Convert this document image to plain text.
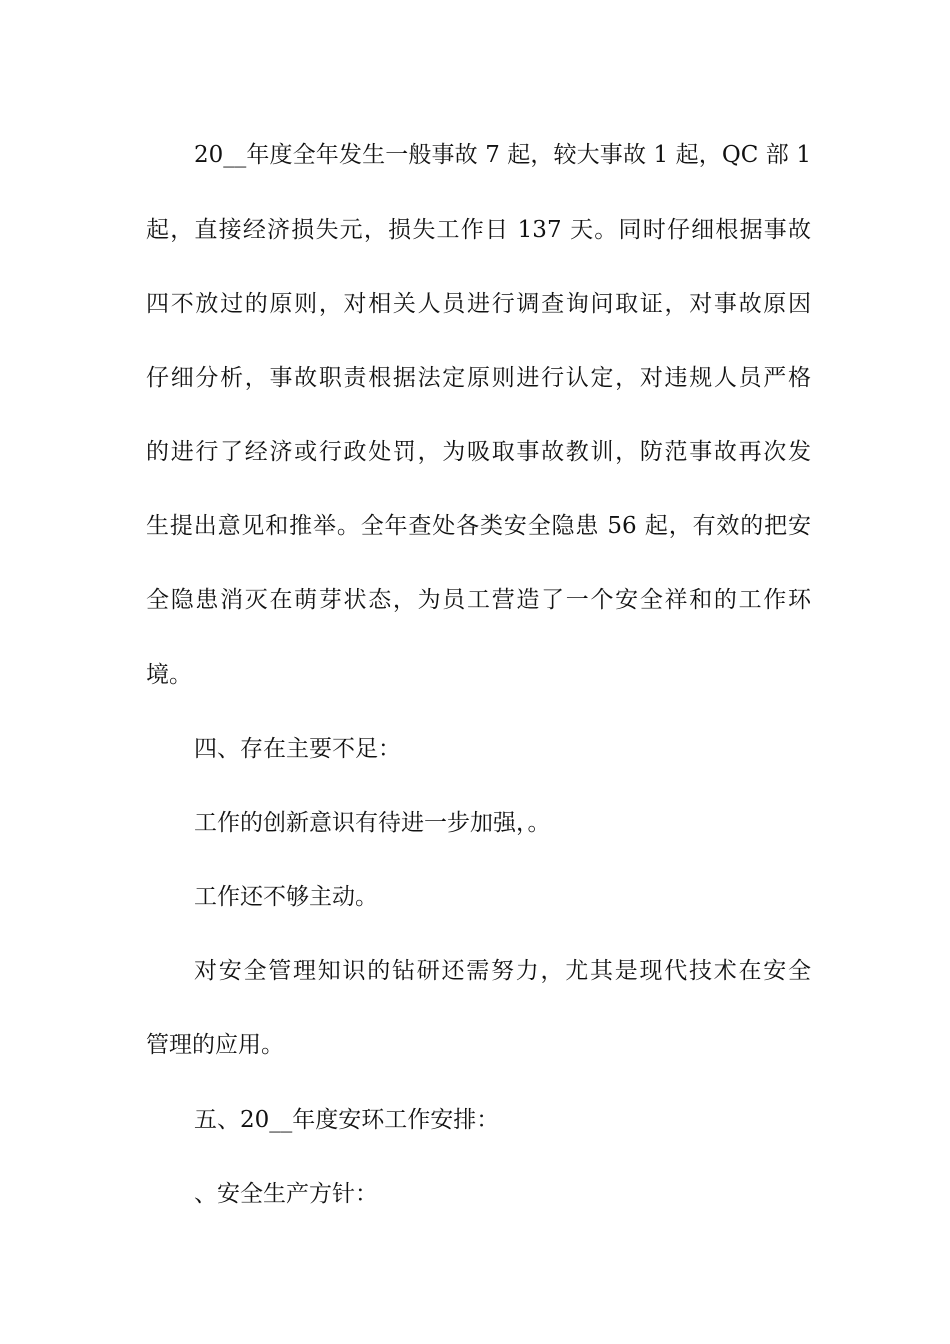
20__年度全年发生一般事故 7 起，较大事故 1 起，QC 部 1
起，直接经济损失元，损失工作日 137 天。同时仔细根据事故
四不放过的原则，对相关人员进行调查询问取证，对事故原因
仔细分析，事故职责根据法定原则进行认定，对违规人员严格
的进行了经济或行政处罚，为吸取事故教训，防范事故再次发
生提出意见和推举。全年查处各类安全隐患 56 起，有效的把安
全隐患消灭在萌芽状态，为员工营造了一个安全祥和的工作环
境。
四、存在主要不足：
工作的创新意识有待进一步加强，。
工作还不够主动。
对安全管理知识的钻研还需努力，尤其是现代技术在安全
管理的应用。
五、20__年度安环工作安排：
、安全生产方针：
